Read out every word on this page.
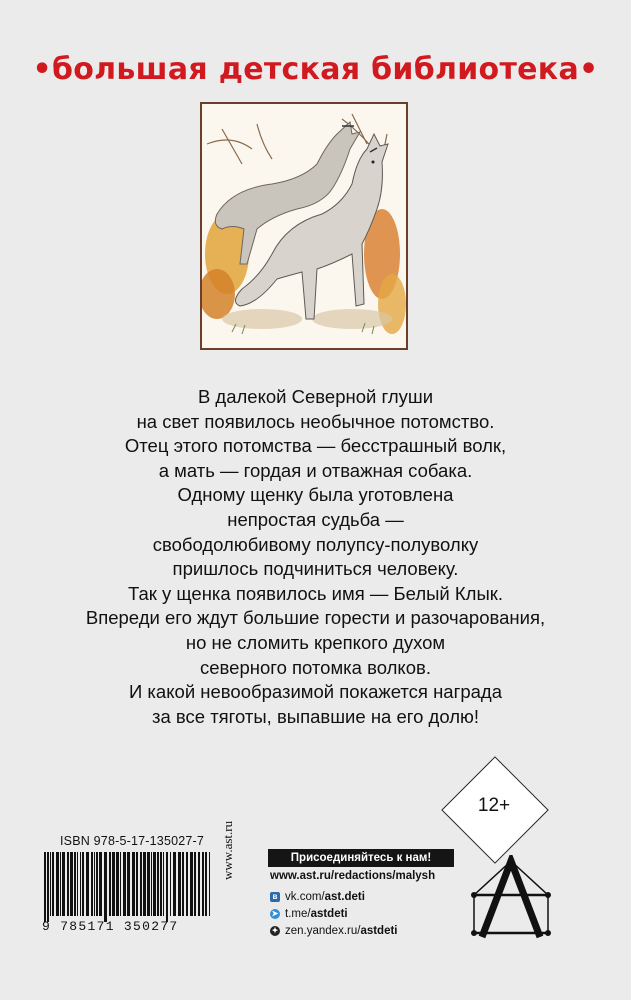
•большая детская библиотека•
В далекой Северной глуши
на свет появилось необычное потомство.
Отец этого потомства — бесстрашный волк,
а мать — гордая и отважная собака.
Одному щенку была уготовлена
непростая судьба —
свободолюбивому полупсу-полуволку
пришлось подчиниться человеку.
Так у щенка появилось имя — Белый Клык.
Впереди его ждут большие горести и разочарования,
но не сломить крепкого духом
северного потомка волков.
И какой невообразимой покажется награда
за все тяготы, выпавшие на его долю!
12+
ISBN 978-5-17-135027-7
9 785171 350277
www.ast.ru	Присоединяйтесь к нам!
www.ast.ru/redactions/malysh
в vk.com/ ast.deti
➤ t.me/ astdeti
✦ zen.yandex.ru/ astdeti
